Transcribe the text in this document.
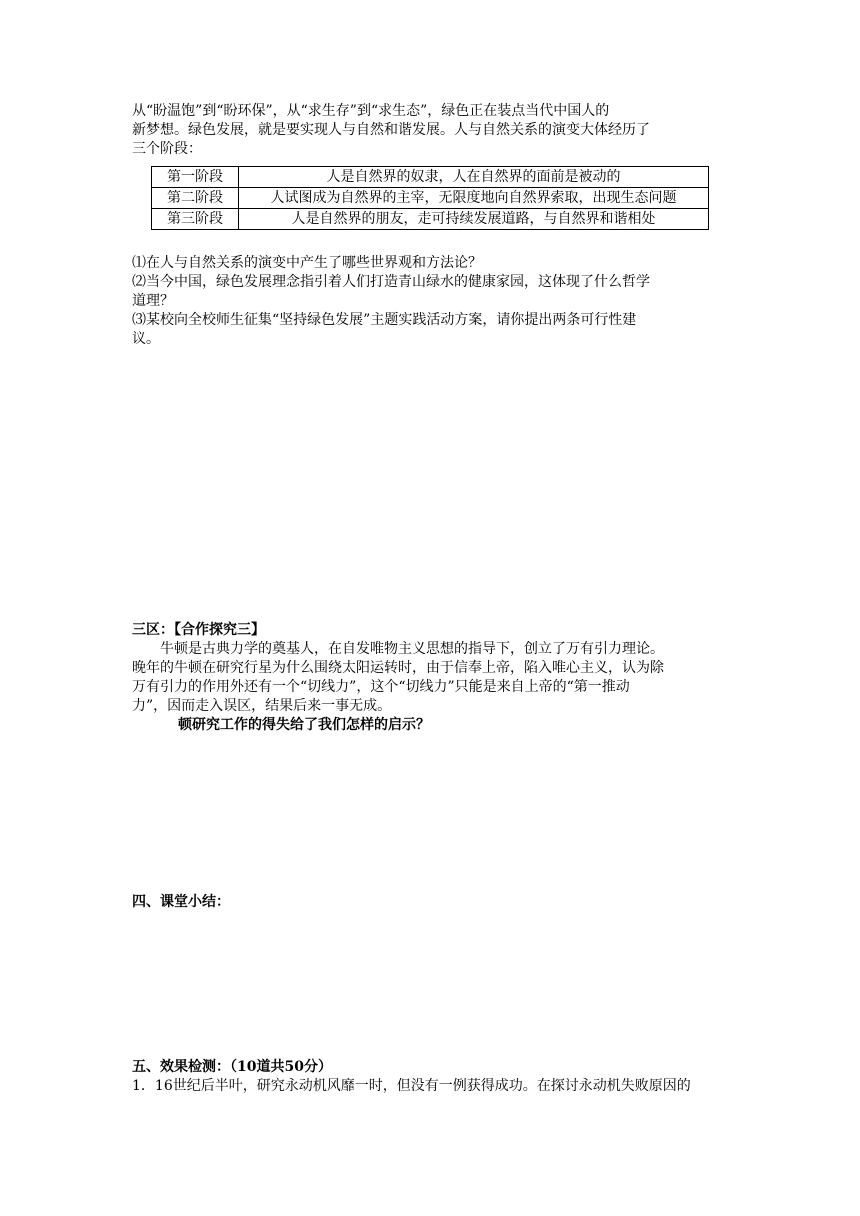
从“盼温饱”到“盼环保”，从“求生存”到“求生态”，绿色正在装点当代中国人的
新梦想。绿色发展，就是要实现人与自然和谐发展。人与自然关系的演变大体经历了
三个阶段：
第一阶段	人是自然界的奴隶，人在自然界的面前是被动的
第二阶段	人试图成为自然界的主宰，无限度地向自然界索取，出现生态问题
第三阶段	人是自然界的朋友，走可持续发展道路，与自然界和谐相处
⑴在人与自然关系的演变中产生了哪些世界观和方法论？
⑵当今中国，绿色发展理念指引着人们打造青山绿水的健康家园，这体现了什么哲学
道理？
⑶某校向全校师生征集“坚持绿色发展”主题实践活动方案，请你提出两条可行性建
议。
三区：【合作探究三】
牛顿是古典力学的奠基人，在自发唯物主义思想的指导下，创立了万有引力理论。
晚年的牛顿在研究行星为什么围绕太阳运转时，由于信奉上帝，陷入唯心主义，认为除
万有引力的作用外还有一个“切线力”，这个“切线力”只能是来自上帝的“第一推动
力”，因而走入误区，结果后来一事无成。
顿研究工作的得失给了我们怎样的启示？
四、课堂小结：
五、效果检测：（10道共50分）
1．16世纪后半叶，研究永动机风靡一时，但没有一例获得成功。在探讨永动机失败原因的
